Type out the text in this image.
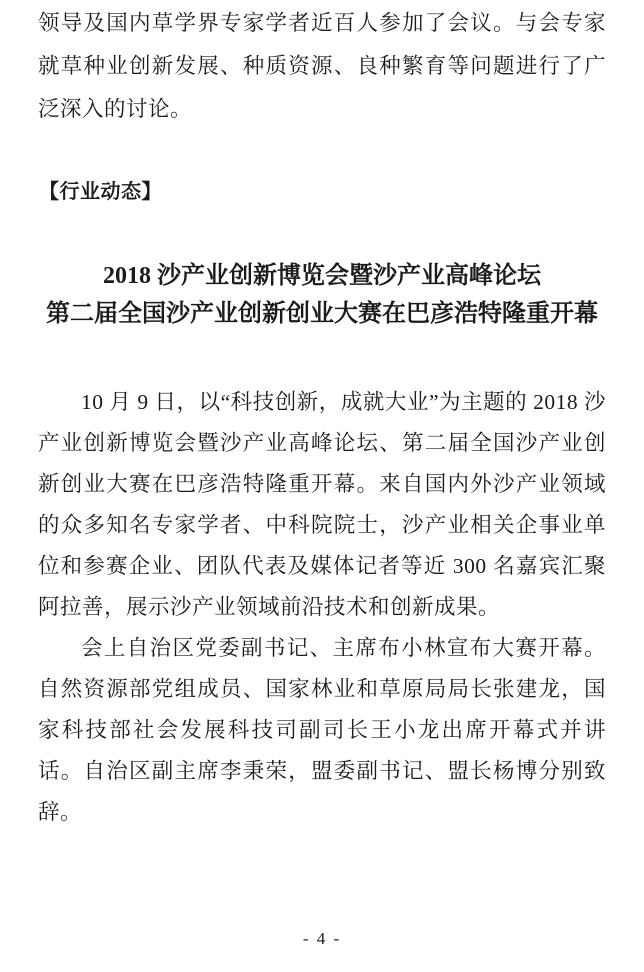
领导及国内草学界专家学者近百人参加了会议。与会专家就草种业创新发展、种质资源、良种繁育等问题进行了广泛深入的讨论。
【行业动态】
2018 沙产业创新博览会暨沙产业高峰论坛
第二届全国沙产业创新创业大赛在巴彦浩特隆重开幕

10 月 9 日，以“科技创新，成就大业”为主题的 2018 沙产业创新博览会暨沙产业高峰论坛、第二届全国沙产业创新创业大赛在巴彦浩特隆重开幕。来自国内外沙产业领域的众多知名专家学者、中科院院士，沙产业相关企事业单位和参赛企业、团队代表及媒体记者等近 300 名嘉宾汇聚阿拉善，展示沙产业领域前沿技术和创新成果。

会上自治区党委副书记、主席布小林宣布大赛开幕。自然资源部党组成员、国家林业和草原局局长张建龙，国家科技部社会发展科技司副司长王小龙出席开幕式并讲话。自治区副主席李秉荣，盟委副书记、盟长杨博分别致辞。

- 4 -
